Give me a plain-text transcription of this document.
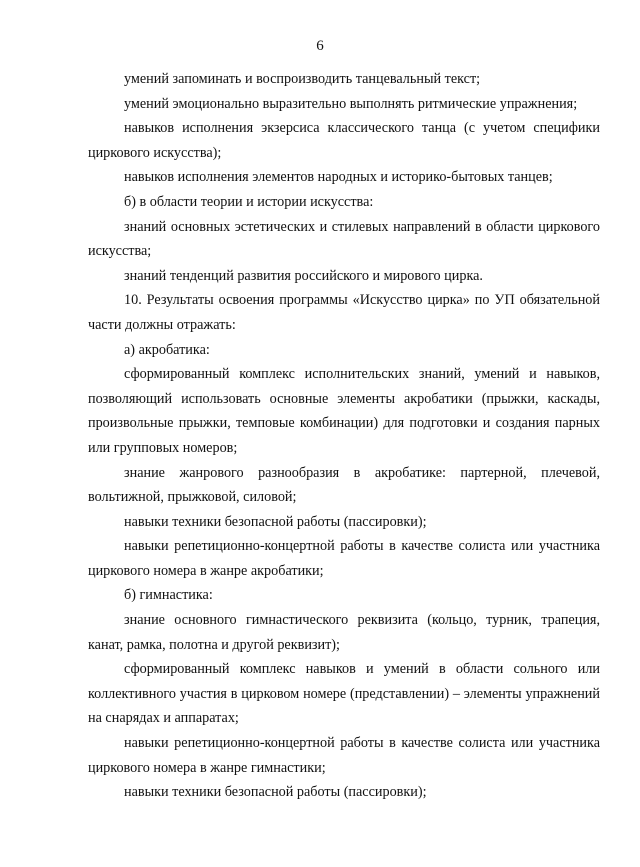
6

умений запоминать и воспроизводить танцевальный текст;

умений эмоционально выразительно выполнять ритмические упражнения;

навыков исполнения экзерсиса классического танца (с учетом специфики циркового искусства);

навыков исполнения элементов народных и историко-бытовых танцев;

б) в области теории и истории искусства:

знаний основных эстетических и стилевых направлений в области циркового искусства;

знаний тенденций развития российского и мирового цирка.

10. Результаты освоения программы «Искусство цирка» по УП обязательной части должны отражать:

а) акробатика:

сформированный комплекс исполнительских знаний, умений и навыков, позволяющий использовать основные элементы акробатики (прыжки, каскады, произвольные прыжки, темповые комбинации) для подготовки и создания парных или групповых номеров;

знание жанрового разнообразия в акробатике: партерной, плечевой, вольтижной, прыжковой, силовой;

навыки техники безопасной работы (пассировки);

навыки репетиционно-концертной работы в качестве солиста или участника циркового номера в жанре акробатики;

б) гимнастика:

знание основного гимнастического реквизита (кольцо, турник, трапеция, канат, рамка, полотна и другой реквизит);

сформированный комплекс навыков и умений в области сольного или коллективного участия в цирковом номере (представлении) – элементы упражнений на снарядах и аппаратах;

навыки репетиционно-концертной работы в качестве солиста или участника циркового номера в жанре гимнастики;

навыки техники безопасной работы (пассировки);
